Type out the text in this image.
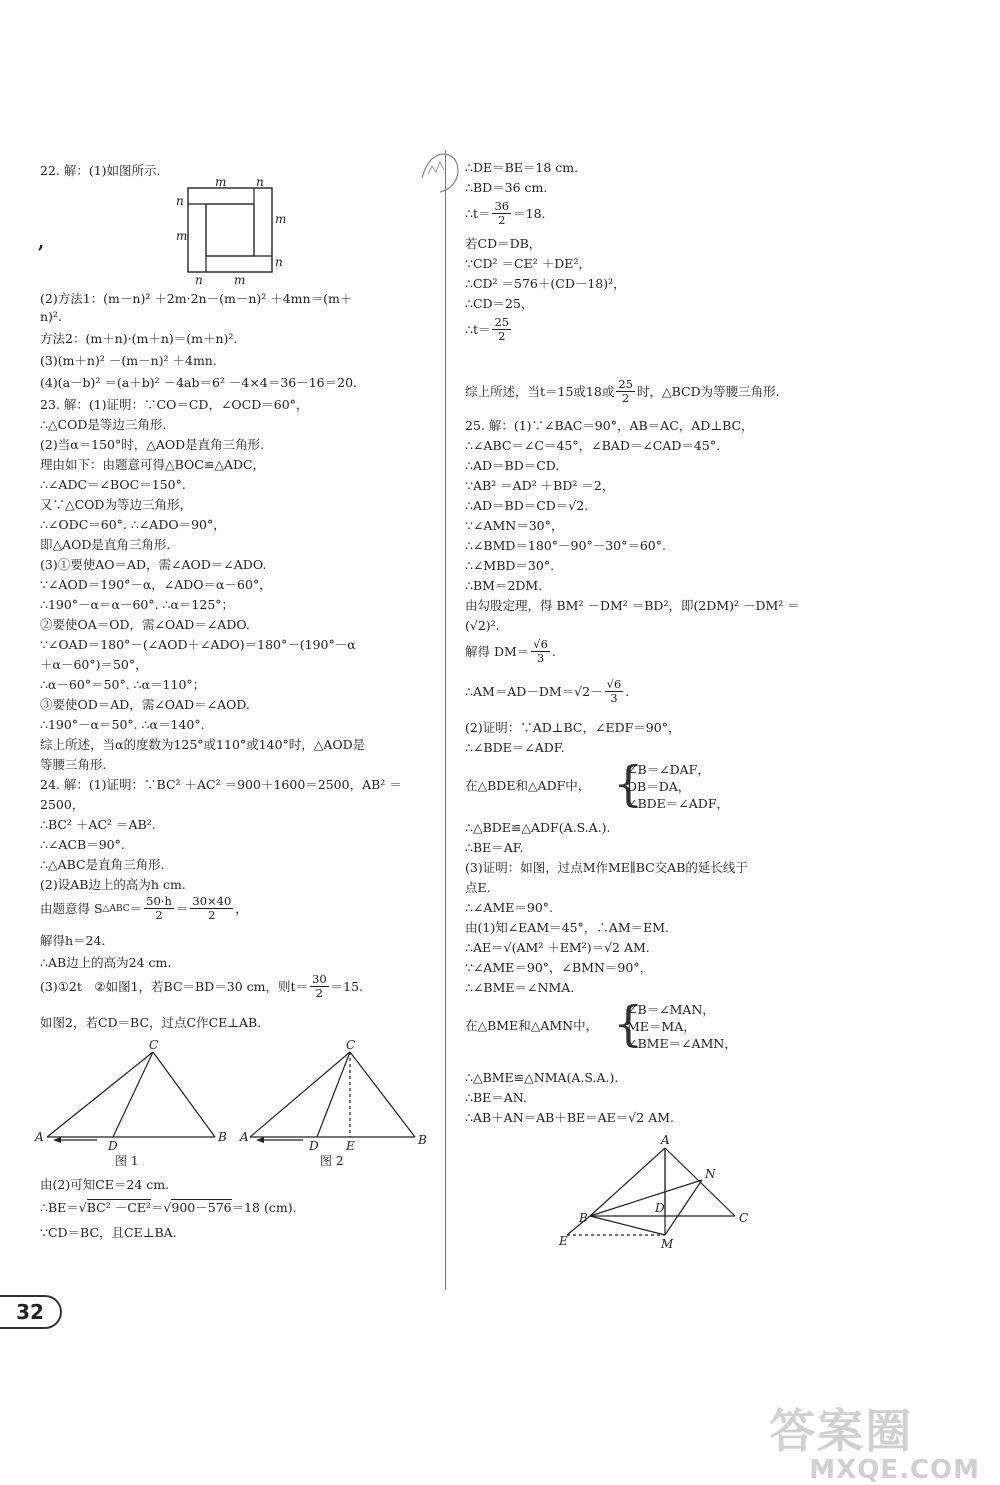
22. 解：(1)如图所示.
(2)方法1：(m－n)² ＋2m·2n－(m－n)² ＋4mn＝(m＋
n)².
方法2：(m＋n)·(m＋n)＝(m＋n)².
(3)(m＋n)² －(m－n)² ＋4mn.
(4)(a－b)² ＝(a＋b)² －4ab＝6² －4×4＝36－16＝20.
23. 解：(1)证明：∵CO＝CD，∠OCD＝60°，
∴△COD是等边三角形.
(2)当α＝150°时，△AOD是直角三角形.
理由如下：由题意可得△BOC≌△ADC，
∴∠ADC＝∠BOC＝150°.
又∵△COD为等边三角形，
∴∠ODC＝60°. ∴∠ADO＝90°，
即△AOD是直角三角形.
(3)①要使AO＝AD，需∠AOD＝∠ADO.
∵∠AOD＝190°－α，∠ADO＝α－60°，
∴190°－α＝α－60°. ∴α＝125°；
②要使OA＝OD，需∠OAD＝∠ADO.
∵∠OAD＝180°－(∠AOD＋∠ADO)＝180°－(190°－α
＋α－60°)＝50°，
∴α－60°＝50°. ∴α＝110°；
③要使OD＝AD，需∠OAD＝∠AOD.
∴190°－α＝50°. ∴α＝140°.
综上所述，当α的度数为125°或110°或140°时，△AOD是
等腰三角形.
24. 解：(1)证明：∵BC² ＋AC² ＝900＋1600＝2500，AB² ＝
2500，
∴BC² ＋AC² ＝AB².
∴∠ACB＝90°.
∴△ABC是直角三角形.
(2)设AB边上的高为h cm.
解得h＝24.
∴AB边上的高为24 cm.
如图2，若CD＝BC，过点C作CE⊥AB.
由(2)可知CE＝24 cm.
∵CD＝BC，且CE⊥BA.
由题意得 S △ABC ＝ $\frac{50\cdot h}{2} = \frac{30\times 40}{2}$ ，
(3)①2t　②如图1，若BC＝BD＝30 cm，则$t= \frac{30}{2} =15$.
∴BE＝ √ BC² －CE² ＝ √ 900－576 ＝18 (cm).
∴DE＝BE＝18 cm.
∴BD＝36 cm.
若CD＝DB，
∵CD² ＝CE² ＋DE²，
∴CD² ＝576＋(CD－18)²，
∴CD＝25，
25. 解：(1)∵∠BAC＝90°，AB＝AC，AD⊥BC，
∴∠ABC＝∠C＝45°，∠BAD＝∠CAD＝45°.
∴AD＝BD＝CD.
∵AB² ＝AD² ＋BD² ＝2，
∴AD＝BD＝CD＝√2.
∵∠AMN＝30°，
∴∠BMD＝180°－90°－30°＝60°.
∴∠MBD＝30°.
∴BM＝2DM.
由勾股定理，得 BM² －DM² ＝BD²，即(2DM)² －DM² ＝
(√2)².
(2)证明：∵AD⊥BC，∠EDF＝90°，
∴∠BDE＝∠ADF.
∴△BDE≌△ADF(A.S.A.).
∴BE＝AF.
(3)证明：如图，过点M作ME∥BC交AB的延长线于
点E.
∴∠AME＝90°.
由(1)知∠EAM＝45°，∴AM＝EM.
∴AE＝√(AM² ＋EM²)＝√2 AM.
∵∠AME＝90°，∠BMN＝90°，
∴∠BME＝∠NMA.
∴△BME≌△NMA(A.S.A.).
∴BE＝AN.
∴AB＋AN＝AB＋BE＝AE＝√2 AM.
∴t＝ $\frac{36}{2} =18$.
∴t＝ $\frac{25}{2}$
综上所述，当t＝15或18或 $\frac{25}{2}$ 时，△BCD为等腰三角形.
解得 $DM= \frac{√6}{3}$ .
∴AM＝AD－DM＝√2－ $\frac{√6}{3}$ .
在△BDE和△ADF中， {
∠B＝∠DAF，
DB＝DA，
∠BDE＝∠ADF，
在△BME和△AMN中， {
∠B＝∠MAN，
ME＝MA，
∠BME＝∠AMN，
32
答案圈
MXQE.COM
m n
n
m
m
n
n	m
,
A
C
B
D
图 1
A
C
B
D E
图 2
A
B	C
D
E	M
N
